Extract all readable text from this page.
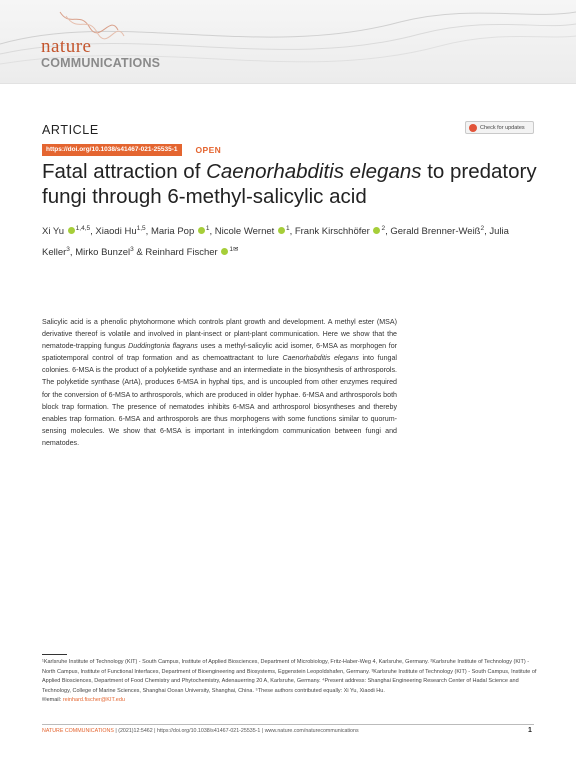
nature
COMMUNICATIONS
ARTICLE	Check for updates
https://doi.org/10.1038/s41467-021-25535-1	OPEN
Fatal attraction of Caenorhabditis elegans to predatory fungi through 6-methyl-salicylic acid
Xi Yu $^{1,4,5}$, Xiaodi Hu$^{1,5}$, Maria Pop $^1$, Nicole Wernet $^1$, Frank Kirschhöfer $^2$, Gerald Brenner-Weiß$^2$, Julia Keller$^3$, Mirko Bunzel$^3$ & Reinhard Fischer $^{1✉}$
Salicylic acid is a phenolic phytohormone which controls plant growth and development. A methyl ester (MSA) derivative thereof is volatile and involved in plant-insect or plant-plant communication. Here we show that the nematode-trapping fungus Duddingtonia flagrans uses a methyl-salicylic acid isomer, 6-MSA as morphogen for spatiotemporal control of trap formation and as chemoattractant to lure Caenorhabditis elegans into fungal colonies. 6-MSA is the product of a polyketide synthase and an intermediate in the biosynthesis of arthrosporols. The polyketide synthase (ArtA), produces 6-MSA in hyphal tips, and is uncoupled from other enzymes required for the conversion of 6-MSA to arthrosporols, which are produced in older hyphae. 6-MSA and arthrosporols both block trap formation. The presence of nematodes inhibits 6-MSA and arthrosporol biosyntheses and thereby enables trap formation. 6-MSA and arthrosporols are thus morphogens with some functions similar to quorum-sensing molecules. We show that 6-MSA is important in interkingdom communication between fungi and nematodes.
¹Karlsruhe Institute of Technology (KIT) - South Campus, Institute of Applied Biosciences, Department of Microbiology, Fritz-Haber-Weg 4, Karlsruhe, Germany. ²Karlsruhe Institute of Technology (KIT) - North Campus, Institute of Functional Interfaces, Department of Bioengineering and Biosystems, Eggenstein Leopoldshafen, Germany. ³Karlsruhe Institute of Technology (KIT) - South Campus, Institute of Applied Biosciences, Department of Food Chemistry and Phytochemistry, Adenauerring 20 A, Karlsruhe, Germany. ⁴Present address: Shanghai Engineering Research Center of Hadal Science and Technology, College of Marine Sciences, Shanghai Ocean University, Shanghai, China. ⁵These authors contributed equally: Xi Yu, Xiaodi Hu.
✉email: reinhard.fischer@KIT.edu
NATURE COMMUNICATIONS | (2021)12:5462 | https://doi.org/10.1038/s41467-021-25535-1 | www.nature.com/naturecommunications	1
